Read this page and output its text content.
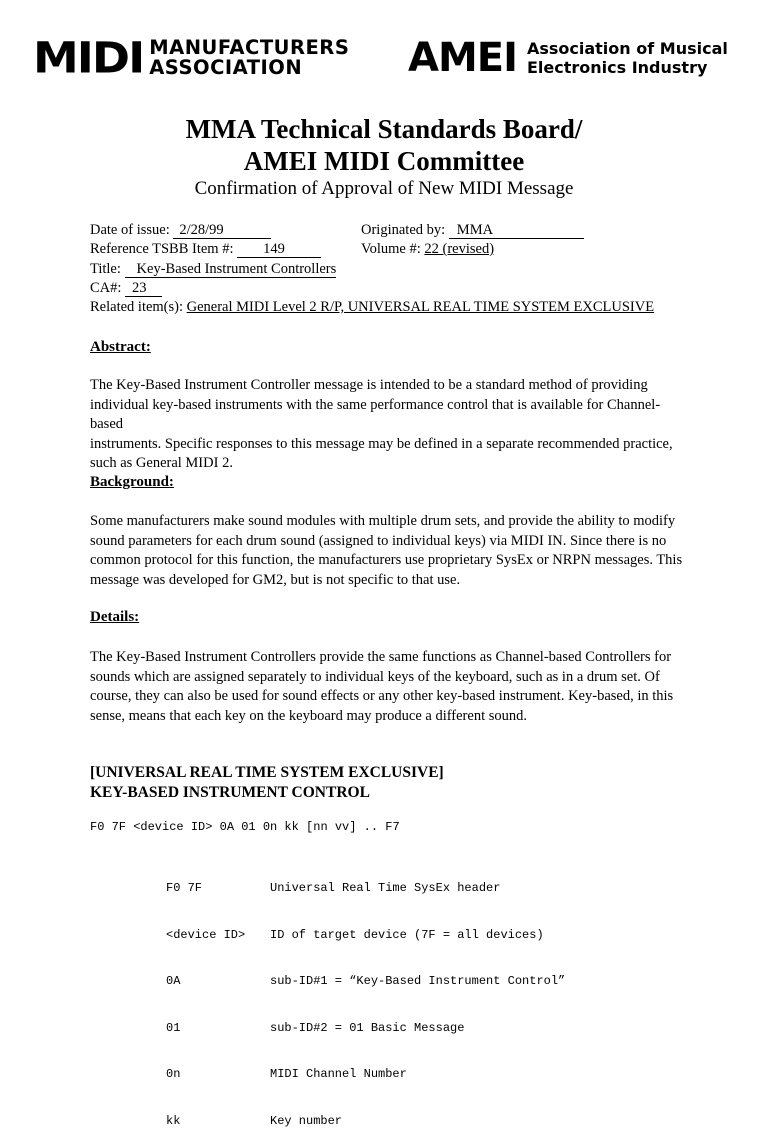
MIDI MANUFACTURERS
ASSOCIATION	AMEI Association of Musical
Electronics Industry
MMA Technical Standards Board/
AMEI MIDI Committee
Confirmation of Approval of New MIDI Message
Date of issue: 2/28/99	Originated by: MMA
Reference TSBB Item #: 149	Volume #: 22 (revised)
Title: Key-Based Instrument Controllers
CA#: 23
Related item(s): General MIDI Level 2 R/P, UNIVERSAL REAL TIME SYSTEM EXCLUSIVE
Abstract:
The Key-Based Instrument Controller message is intended to be a standard method of providing
individual key-based instruments with the same performance control that is available for Channel-based
instruments. Specific responses to this message may be defined in a separate recommended practice,
such as General MIDI 2.
Background:
Some manufacturers make sound modules with multiple drum sets, and provide the ability to modify
sound parameters for each drum sound (assigned to individual keys) via MIDI IN. Since there is no
common protocol for this function, the manufacturers use proprietary SysEx or NRPN messages. This
message was developed for GM2, but is not specific to that use.
Details:
The Key-Based Instrument Controllers provide the same functions as Channel-based Controllers for
sounds which are assigned separately to individual keys of the keyboard, such as in a drum set. Of
course, they can also be used for sound effects or any other key-based instrument. Key-based, in this
sense, means that each key on the keyboard may produce a different sound.
[UNIVERSAL REAL TIME SYSTEM EXCLUSIVE]
KEY-BASED INSTRUMENT CONTROL
F0 7F <device ID> 0A 01 0n kk [nn vv] .. F7

F0 7F	Universal Real Time SysEx header

<device ID>	ID of target device (7F = all devices)

0A	sub-ID#1 = “Key-Based Instrument Control”

01	sub-ID#2 = 01 Basic Message

0n	MIDI Channel Number

kk	Key number
